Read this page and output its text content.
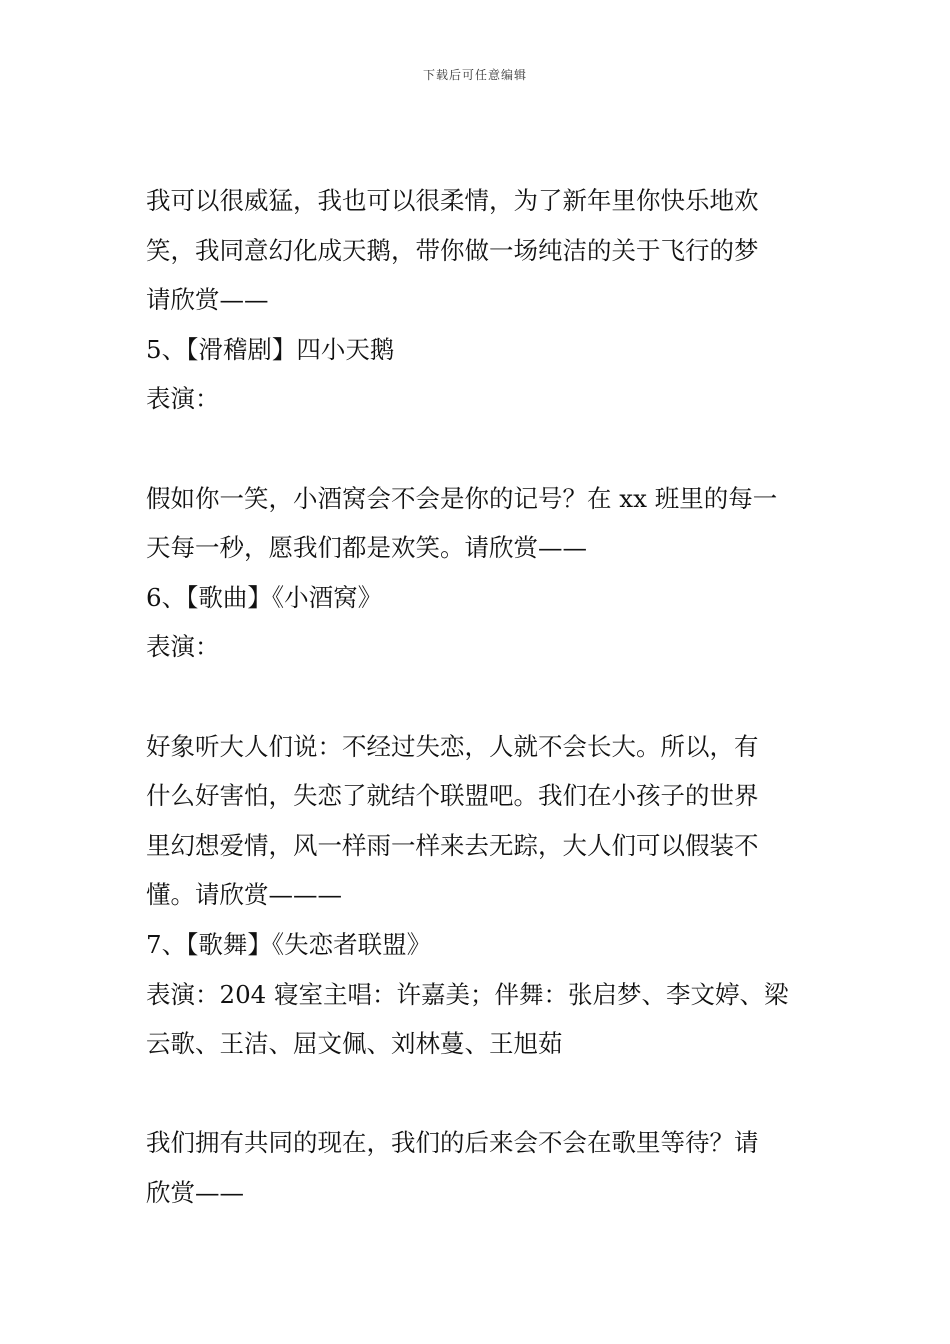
下载后可任意编辑

我可以很威猛，我也可以很柔情，为了新年里你快乐地欢

笑，我同意幻化成天鹅，带你做一场纯洁的关于飞行的梦

请欣赏——

5、【滑稽剧】四小天鹅

表演：

假如你一笑，小酒窝会不会是你的记号？在 xx 班里的每一

天每一秒，愿我们都是欢笑。请欣赏——

6、【歌曲】《小酒窝》

表演：

好象听大人们说：不经过失恋，人就不会长大。所以，有

什么好害怕，失恋了就结个联盟吧。我们在小孩子的世界

里幻想爱情，风一样雨一样来去无踪，大人们可以假装不

懂。请欣赏———

7、【歌舞】《失恋者联盟》

表演：204 寝室主唱：许嘉美；伴舞：张启梦、李文婷、梁

云歌、王洁、屈文佩、刘林蔓、王旭茹

我们拥有共同的现在，我们的后来会不会在歌里等待？请

欣赏——
